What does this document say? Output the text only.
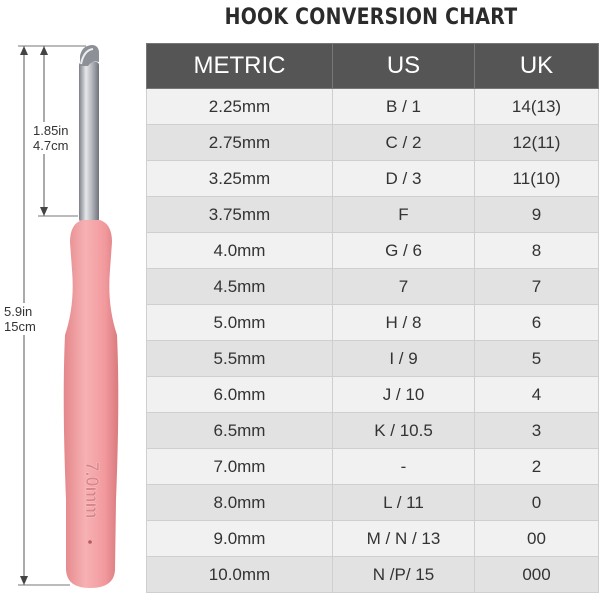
HOOK CONVERSION CHART
METRIC	US	UK
2.25mm	B / 1	14(13)
2.75mm	C / 2	12(11)
3.25mm	D / 3	11(10)
3.75mm	F	9
4.0mm	G / 6	8
4.5mm	7	7
5.0mm	H / 8	6
5.5mm	I / 9	5
6.0mm	J / 10	4
6.5mm	K / 10.5	3
7.0mm	-	2
8.0mm	L / 11	0
9.0mm	M / N / 13	00
10.0mm	N /P/ 15	000
7.0mm
1.85in
4.7cm
5.9in
15cm
